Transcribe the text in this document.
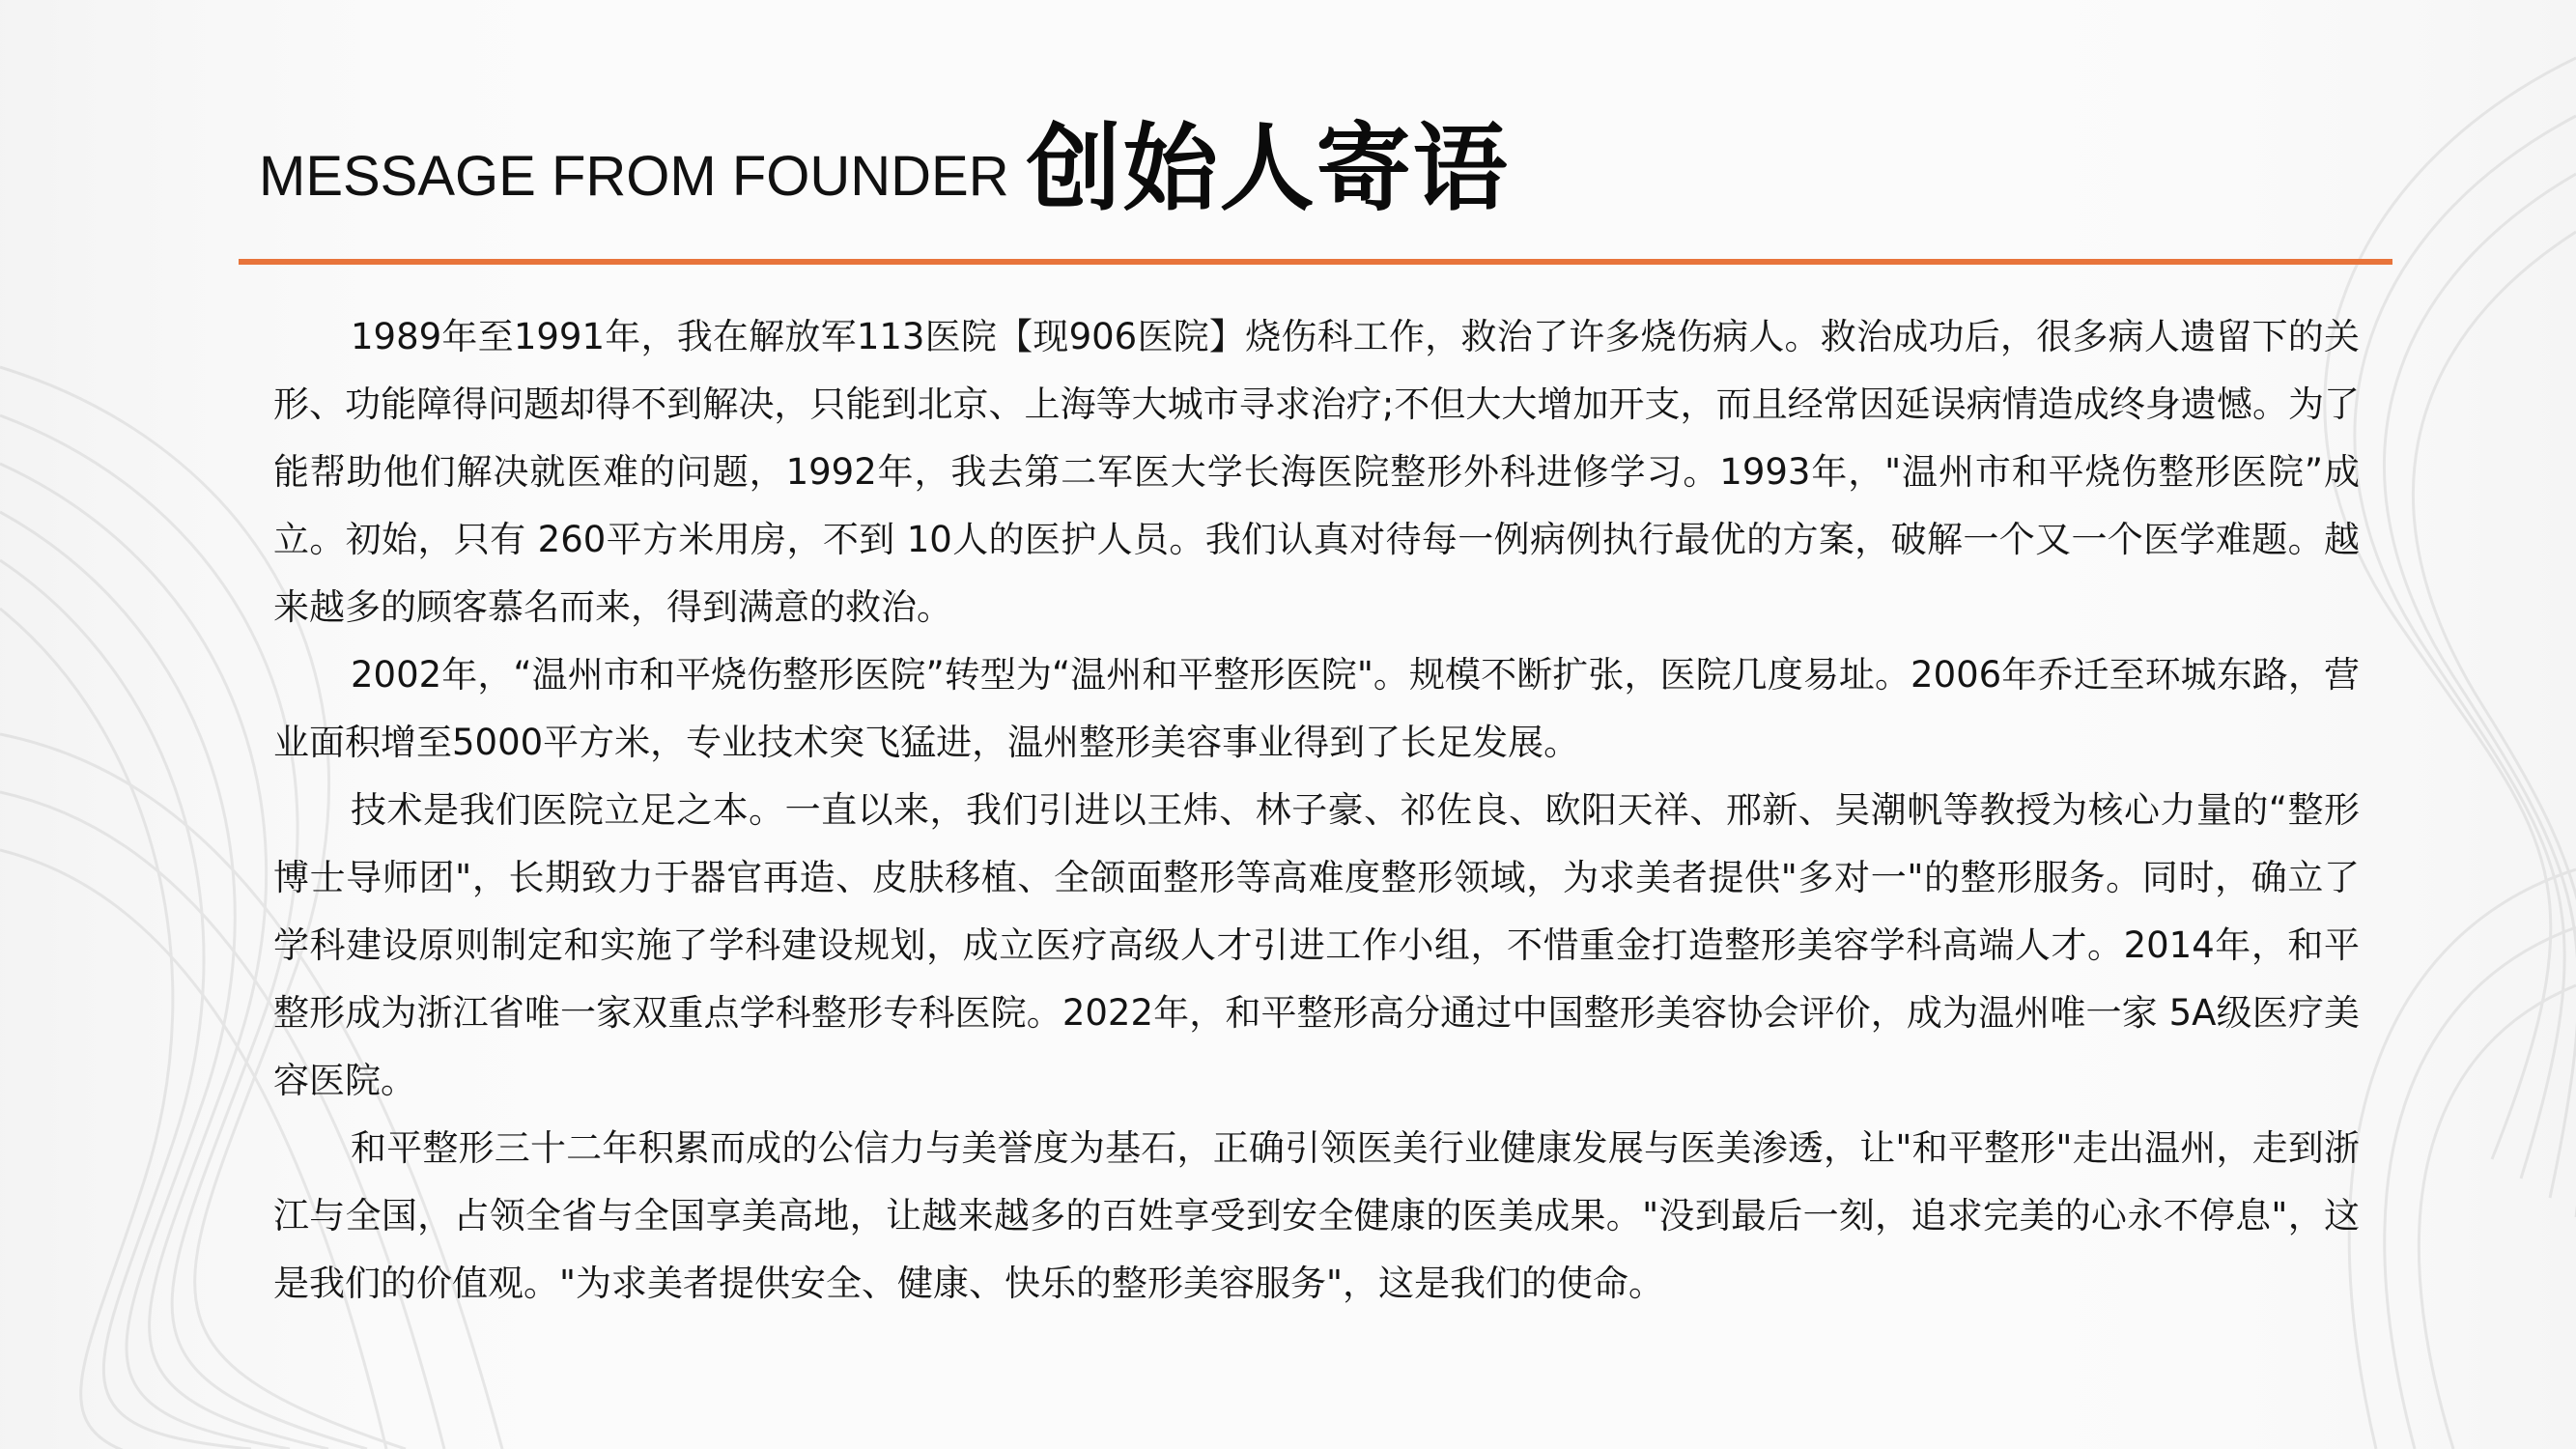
MESSAGE FROM FOUNDER 创始人寄语

1989年至1991年，我在解放军113医院【现906医院】烧伤科工作，救治了许多烧伤病人。救治成功后，很多病人遗留下的关形、功能障得问题却得不到解决，只能到北京、上海等大城市寻求治疗;不但大大增加开支，而且经常因延误病情造成终身遗憾。为了能帮助他们解决就医难的问题，1992年，我去第二军医大学长海医院整形外科进修学习。1993年，"温州市和平烧伤整形医院”成立。初始，只有 260平方米用房，不到 10人的医护人员。我们认真对待每一例病例执行最优的方案，破解一个又一个医学难题。越来越多的顾客慕名而来，得到满意的救治。

2002年，“温州市和平烧伤整形医院”转型为“温州和平整形医院"。规模不断扩张，医院几度易址。2006年乔迁至环城东路，营业面积增至5000平方米，专业技术突飞猛进，温州整形美容事业得到了长足发展。

技术是我们医院立足之本。一直以来，我们引进以王炜、林子豪、祁佐良、欧阳天祥、邢新、吴潮帆等教授为核心力量的“整形博士导师团"，长期致力于器官再造、皮肤移植、全颌面整形等高难度整形领域，为求美者提供"多对一"的整形服务。同时，确立了学科建设原则制定和实施了学科建设规划，成立医疗高级人才引进工作小组，不惜重金打造整形美容学科高端人才。2014年，和平整形成为浙江省唯一家双重点学科整形专科医院。2022年，和平整形高分通过中国整形美容协会评价，成为温州唯一家 5A级医疗美容医院。

和平整形三十二年积累而成的公信力与美誉度为基石，正确引领医美行业健康发展与医美渗透，让"和平整形"走出温州，走到浙江与全国，占领全省与全国享美高地，让越来越多的百姓享受到安全健康的医美成果。"没到最后一刻，追求完美的心永不停息"，这是我们的价值观。"为求美者提供安全、健康、快乐的整形美容服务"，这是我们的使命。
